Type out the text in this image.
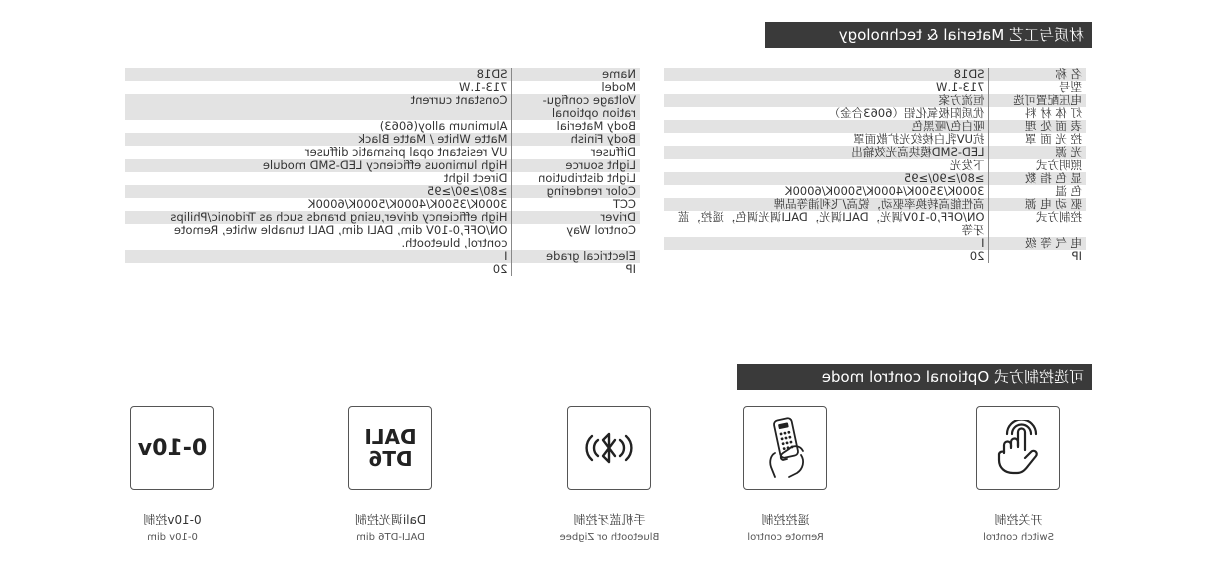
材质与工艺 Material & technology
名 称	SD18
型号	713-1.W
电压配置可选	恒流方案
灯 体 材 料	优质阳极氧化铝（6063合金）
表 面 处 理	哑白色/哑黑色
控 光 面 罩	抗UV乳白棱纹光扩散面罩
光 源	LED-SMD模块高光效输出
照明方式	下发光
显 色 指 数	≥80/≥90/≥95
色 温	3000K/3500K/4000K/5000K/6000K
驱 动 电 源	高性能高转换率驱动，锐高/飞利浦等品牌
控制方式	ON/OFF,0-10V调光，DALI调光，DALI调光调色，遥控，蓝牙等
电 气 等 级	I
IP	20
Name	SD18
Model	713-1.W
Voltage configu-ration optional	Constant current
Body Material	Aluminum alloy(6063)
Body Finish	Matte White / Matte Black
Diffuser	UV resistant opal prismatic diffuser
Light source	High luminous efficiency LED-SMD module
Light distribution	Direct light
Color rendering	≥80/≥90/≥95
CCT	3000K/3500K/4000K/5000K/6000K
Driver	High efficiency driver,using brands such as Tridonic/Philips
Control Way	ON/OFF,0-10V dim, DALI dim, DALI tunable white, Remote control, bluetooth.
Electrical grade	I
IP	20
可选控制方式 Optional control mode
开关控制
Switch control
遥控控制
Remote control
手机蓝牙控制
Bluetooth or Zigbee
DALI
DT6
Dali调光控制
DALI-DT6 dim
0-10v
0-10v控制
0-10v dim
